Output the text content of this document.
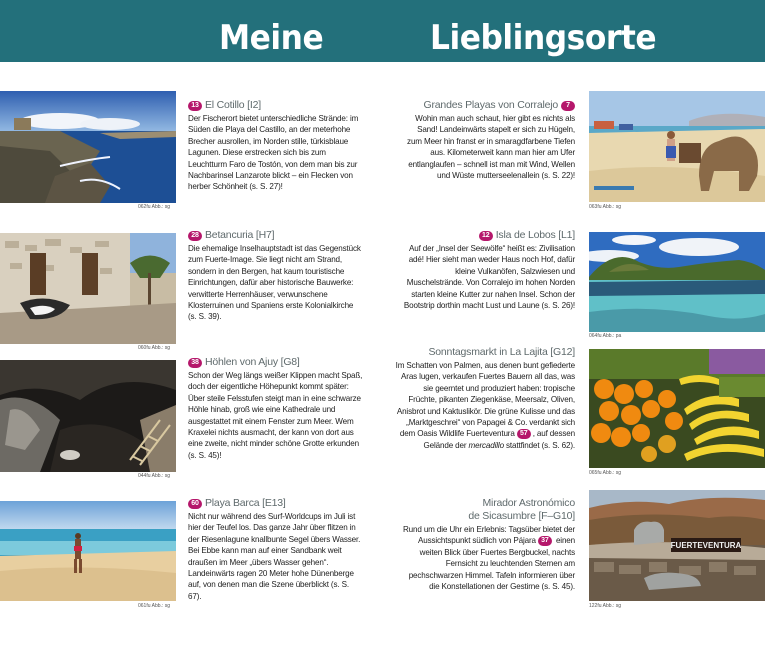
Meine	Lieblingsorte
062fu Abb.: sg
13 El Cotillo [I2]
Der Fischerort bietet unterschiedliche Strände: im Süden die Playa del Castillo, an der meterhohe Brecher ausrollen, im Norden stille, türkisblaue Lagunen. Diese erstrecken sich bis zum Leuchtturm Faro de Tostón, von dem man bis zur Nachbarinsel Lanzarote blickt – ein Flecken von herber Schönheit (s. S. 27)!
060fu Abb.: sg
28 Betancuria [H7]
Die ehemalige Inselhauptstadt ist das Gegenstück zum Fuerte-Image. Sie liegt nicht am Strand, sondern in den Bergen, hat kaum touristische Einrichtungen, dafür aber historische Bauwerke: verwitterte Herrenhäuser, verwunschene Klosterruinen und Spaniens erste Kolonialkirche (s. S. 39).
044fu Abb.: sg
38 Höhlen von Ajuy [G8]
Schon der Weg längs weißer Klippen macht Spaß, doch der eigentliche Höhepunkt kommt später: Über steile Felsstufen steigt man in eine schwarze Höhle hinab, groß wie eine Kathedrale und ausgestattet mit einem Fenster zum Meer. Wem Kraxelei nichts ausmacht, der kann von dort aus eine zweite, nicht minder schöne Grotte erkunden (s. S. 45)!
061fu Abb.: sg
60 Playa Barca [E13]
Nicht nur während des Surf-Worldcups im Juli ist hier der Teufel los. Das ganze Jahr über flitzen in der Riesenlagune knallbunte Segel übers Wasser. Bei Ebbe kann man auf einer Sandbank weit draußen im Meer „übers Wasser gehen“. Landeinwärts ragen 20 Meter hohe Dünenberge auf, von denen man die Szene überblickt (s. S. 67).
Grandes Playas von Corralejo 7
Wohin man auch schaut, hier gibt es nichts als Sand! Landeinwärts stapelt er sich zu Hügeln, zum Meer hin franst er in smaragdfarbene Tiefen aus. Kilometerweit kann man hier am Ufer entlanglaufen – schnell ist man mit Wind, Wellen und Wüste mutterseelenallein (s. S. 22)!
063fu Abb.: sg
12 Isla de Lobos [L1]
Auf der „Insel der Seewölfe“ heißt es: Zivilisation adé! Hier sieht man weder Haus noch Hof, dafür kleine Vulkanöfen, Salzwiesen und Muschelstrände. Von Corralejo im hohen Norden starten kleine Kutter zur nahen Insel. Schon der Bootstrip dorthin macht Lust und Laune (s. S. 26)!
064fu Abb.: pa
Sonntagsmarkt in La Lajita [G12]
Im Schatten von Palmen, aus denen bunt gefiederte Aras lugen, verkaufen Fuertes Bauern all das, was sie geerntet und produziert haben: tropische Früchte, pikanten Ziegenkäse, Meersalz, Oliven, Anisbrot und Kaktuslikör. Die grüne Kulisse und das „Marktgeschrei“ von Papagei & Co. verdankt sich dem Oasis Wildlife Fuerteventura 57 , auf dessen Gelände der mercadillo stattfindet (s. S. 62).
065fu Abb.: sg
Mirador Astronómico
de Sicasumbre [F–G10]
Rund um die Uhr ein Erlebnis: Tagsüber bietet der Aussichtspunkt südlich von Pájara 37 einen weiten Blick über Fuertes Bergbuckel, nachts Fernsicht zu leuchtenden Sternen am pechschwarzen Himmel. Tafeln informieren über die Konstellationen der Gestirne (s. S. 45).
FUERTEVENTURA
122fu Abb.: sg
